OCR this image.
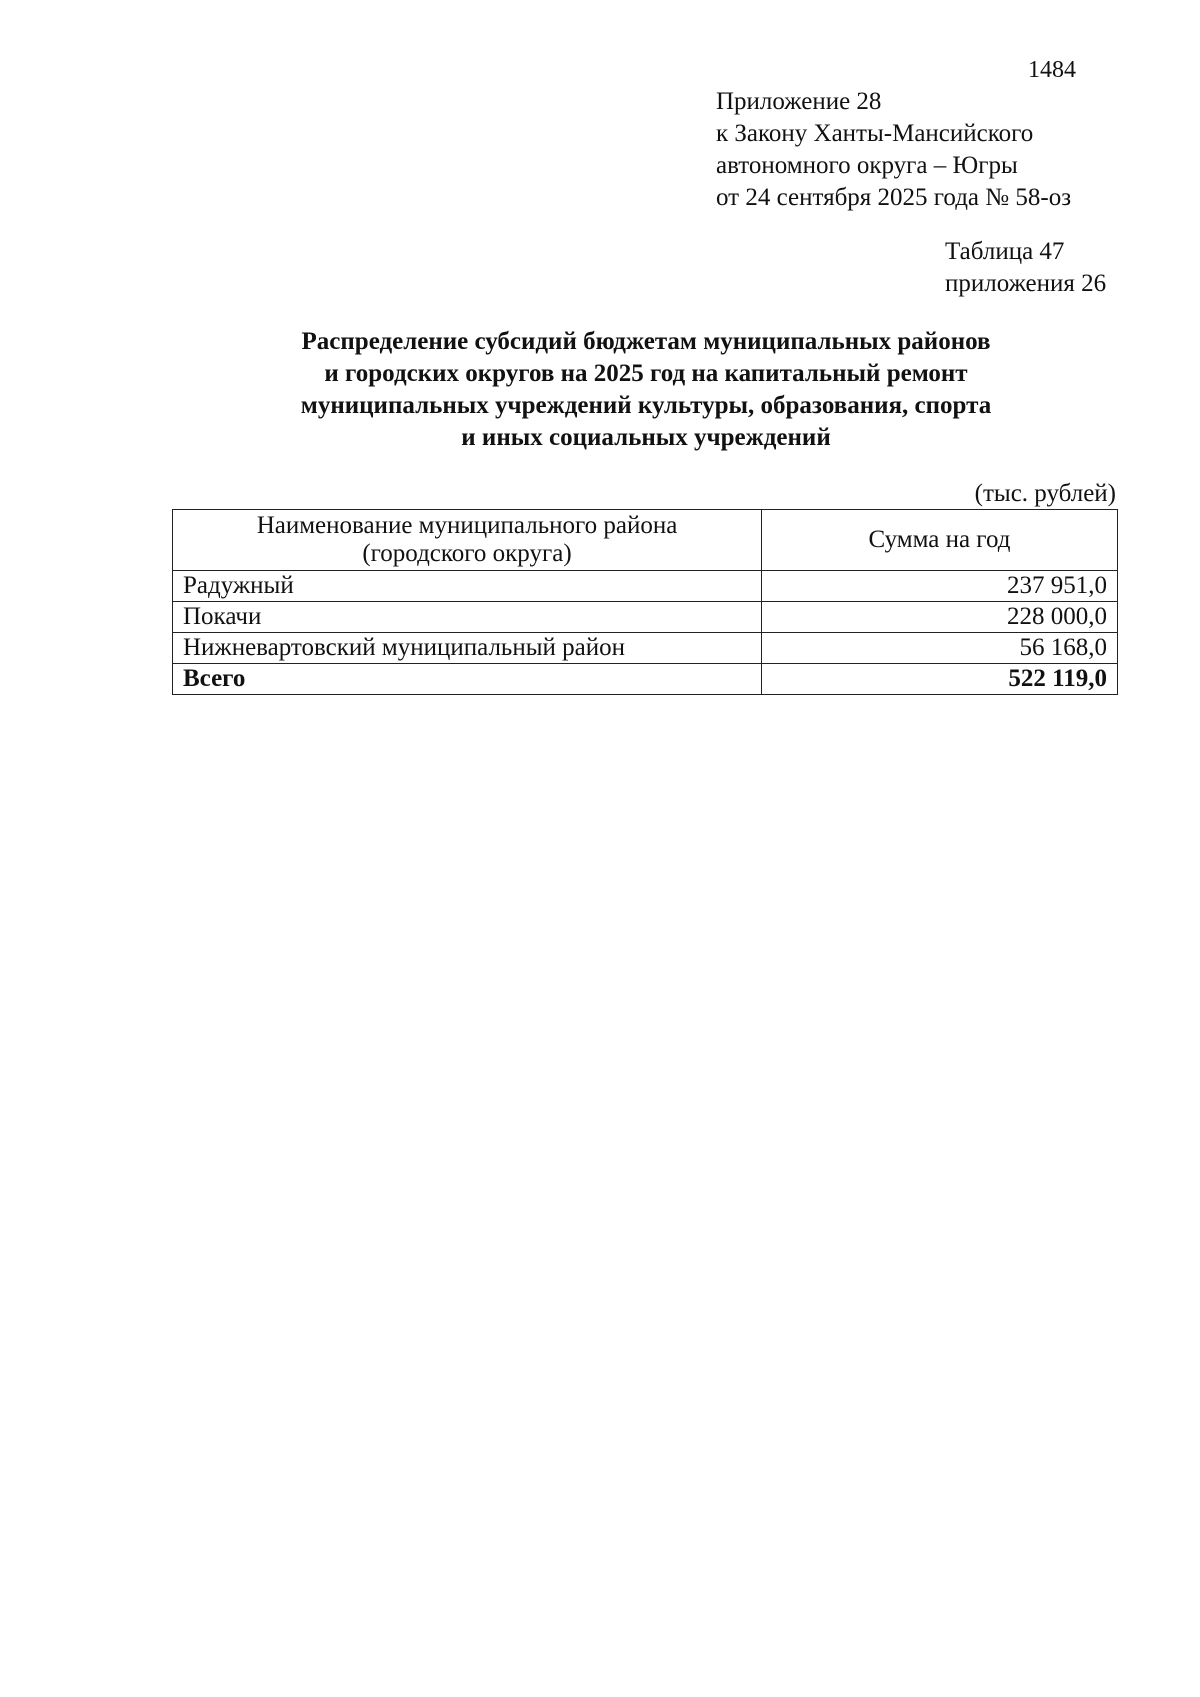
1484
Приложение 28
к Закону Ханты-Мансийского
автономного округа – Югры
от 24 сентября 2025 года № 58-оз
Таблица 47
приложения 26
Распределение субсидий бюджетам муниципальных районов
и городских округов на 2025 год на капитальный ремонт
муниципальных учреждений культуры, образования, спорта
и иных социальных учреждений
(тыс. рублей)
Наименование муниципального района
(городского округа)	Сумма на год
Радужный	237 951,0
Покачи	228 000,0
Нижневартовский муниципальный район	56 168,0
Всего	522 119,0
